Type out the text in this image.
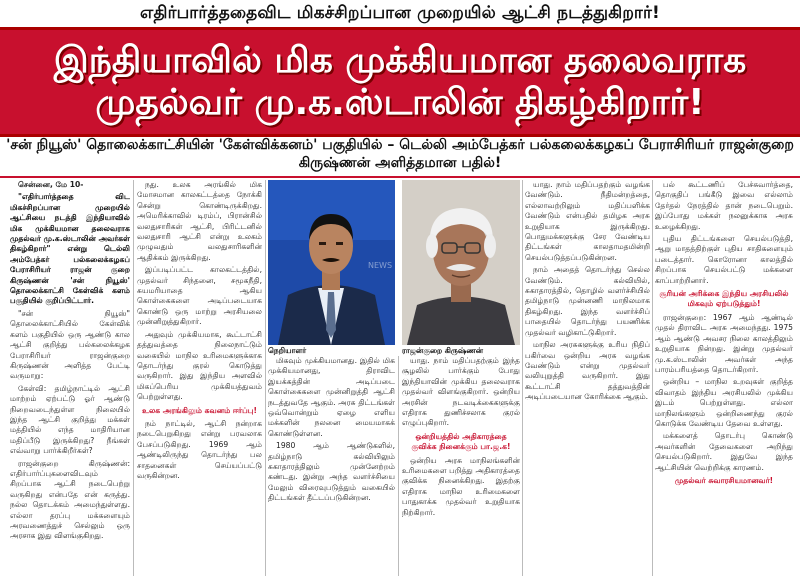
எதிர்பார்த்ததைவிட மிகச்சிறப்பான முறையில் ஆட்சி நடத்துகிறார்!
இந்தியாவில் மிக முக்கியமான தலைவராக முதல்வர் மு.க.ஸ்டாலின் திகழ்கிறார்!
'சன் நியூஸ்' தொலைக்காட்சியின் 'கேள்விக்கனம்' பகுதியில் – டெல்லி அம்பேத்கர் பல்கலைக்கழகப் பேராசிரியர் ராஜன்குறை கிருஷ்ணன் அளித்தமான பதில்!

சென்னை, மே 10-

"எதிர்பார்த்ததை விட மிகச்சிறப்பான முறையில் ஆட்சியை நடத்தி இந்தியாவில் மிக முக்கியமான தலைவராக முதல்வர் மு.க.ஸ்டாலின் அவர்கள் திகழ்கிறார்" என்று டெல்லி அம்பேத்கர் பல்கலைக்கழகப் பேராசிரியர் ராஜன் குறை கிருஷ்ணன் 'சன் நியூஸ்' தொலைக்காட்சி கேள்விக் களம் பகுதியில் குறிப்பிட்டார்.

"சன் நியூஸ்" தொலைக்காட்சியில் கேள்விக் களம் பகுதியில் ஒரு ஆண்டு கால ஆட்சி குறித்து பல்கலைக்கழக பேராசிரியர் ராஜன்குறை கிருஷ்ணன் அளித்த பேட்டி வருமாறு:

கேள்வி: தமிழ்நாட்டில் ஆட்சி மாற்றம் ஏற்பட்டு ஓர் ஆண்டு நிறைவடைந்துள்ள நிலையில் இந்த ஆட்சி குறித்து மக்கள் மத்தியில் எந்த மாதிரியான மதிப்பீடு இருக்கிறது? நீங்கள் எவ்வாறு பார்க்கிறீர்கள்?

ராஜன்குறை கிருஷ்ணன்: எதிர்பார்ப்புகளைவிடவும் சிறப்பாக ஆட்சி நடைபெற்று வருகிறது என்பதே என் கருத்து. நல்ல தொடக்கம் அமைந்துள்ளது. எல்லா தரப்பு மக்களையும் அரவணைத்துச் செல்லும் ஒரு அரசாக இது விளங்குகிறது.

நது. உலக அரங்கில் மிக மோசமான காலகட்டத்தை நோக்கி சென்று கொண்டிருக்கிறது. அமெரிக்காவில் டிரம்ப், பிரான்சில் வலதுசாரிகள் ஆட்சி, பிரிட்டனில் வலதுசாரி ஆட்சி என்று உலகம் முழுவதும் வலதுசாரிகளின் ஆதிக்கம் இருக்கிறது.

இப்படிப்பட்ட காலகட்டத்தில், முதல்வர் சிந்தனை, சமூகநீதி, சுயமரியாதை ஆகிய கொள்கைகளை அடிப்படையாக கொண்டு ஒரு மாற்று அரசியலை முன்னிறுத்துகிறார்.

அதுவும் முக்கியமாக, கூட்டாட்சி தத்துவத்தை நிலைநாட்டும் வகையில் மாநில உரிமைகளுக்காக தொடர்ந்து குரல் கொடுத்து வருகிறார். இது இந்திய அளவில் மிகப்பெரிய முக்கியத்துவம் பெற்றுள்ளது.

உலக அரங்கிலும் கவனம் ஈர்ப்பு!

நம் நாட்டில், ஆட்சி நன்றாக நடைபெறுகிறது என்று பரவலாக பேசப்படுகிறது. 1969 ஆம் ஆண்டிலிருந்து தொடர்ந்து பல சாதனைகள் செய்யப்பட்டு வருகின்றன.

NEWS
நெறியாளர்	ராஜன்குறை கிருஷ்ணன்

மிகவும் முக்கியமானது. இதில் மிக முக்கியமானது, திராவிட இயக்கத்தின் அடிப்படை கொள்கைகளை முன்னிறுத்தி ஆட்சி நடத்துவதே ஆகும். அரசு திட்டங்கள் ஒவ்வொன்றும் ஏழை எளிய மக்களின் நலனை மையமாகக் கொண்டுள்ளன.

1980 ஆம் ஆண்டுகளில், தமிழ்நாடு கல்வியிலும் சுகாதாரத்திலும் முன்னேற்றம் கண்டது. இன்று அந்த வளர்ச்சியை மேலும் விரைவுபடுத்தும் வகையில் திட்டங்கள் தீட்டப்படுகின்றன.

யாது. நாம் மதிப்பதற்கும் இந்த சூழலில் பார்க்கும் போது இந்தியாவின் முக்கிய தலைவராக முதல்வர் விளங்குகிறார். ஒன்றிய அரசின் நடவடிக்கைகளுக்கு எதிராக துணிச்சலாக குரல் எழுப்புகிறார்.

ஒன்றியத்தில் அதிகாரத்தை குவிக்க நினைக்கும் பா.ஜ.க!

ஒன்றிய அரசு மாநிலங்களின் உரிமைகளை பறித்து அதிகாரத்தை குவிக்க நினைக்கிறது. இதற்கு எதிராக மாநில உரிமைகளை பாதுகாக்க முதல்வர் உறுதியாக நிற்கிறார்.

யாது. நாம் மதிப்பதற்கும் வழங்க வேண்டும். நீதிமன்றத்தை, எல்லாவற்றிலும் மதிப்பளிக்க வேண்டும் என்பதில் தமிழக அரசு உறுதியாக இருக்கிறது. பொதுமக்களுக்கு சேர வேண்டிய திட்டங்கள் காலதாமதமின்றி செயல்படுத்தப்படுகின்றன.

நாம் அதைத் தொடர்ந்து செல்ல வேண்டும். கல்வியில், சுகாதாரத்தில், தொழில் வளர்ச்சியில் தமிழ்நாடு முன்னணி மாநிலமாக திகழ்கிறது. இந்த வளர்ச்சிப் பாதையில் தொடர்ந்து பயணிக்க முதல்வர் வழிகாட்டுகிறார்.

மாநில அரசுகளுக்கு உரிய நிதிப் பகிர்வை ஒன்றிய அரசு வழங்க வேண்டும் என்று முதல்வர் வலியுறுத்தி வருகிறார். இது கூட்டாட்சி தத்துவத்தின் அடிப்படையான கோரிக்கை ஆகும்.

பல் கூட்டணிப் பேச்சுவார்த்தை, தொகுதிப் பங்கீடு இவை எல்லாம் தேர்தல் நேரத்தில் தான் நடைபெறும். இப்போது மக்கள் நலனுக்காக அரசு உழைக்கிறது.

புதிய திட்டங்களை செயல்படுத்தி, ஆறு மாதத்திற்குள் புதிய சாதிகளையும் படைத்தார். கொரோனா காலத்தில் சிறப்பாக செயல்பட்டு மக்களை காப்பாற்றினார்.

சூரியன் அரிக்கை இந்திய அரசியலில் மிகவும் ஏற்படுத்தும்!

ராஜன்குறை: 1967 ஆம் ஆண்டில் முதல் திராவிட அரசு அமைந்தது. 1975 ஆம் ஆண்டு அவசர நிலை காலத்திலும் உறுதியாக நின்றது. இன்று முதல்வர் மு.க.ஸ்டாலின் அவர்கள் அந்த பாரம்பரியத்தை தொடர்கிறார்.

ஒன்றிய – மாநில உறவுகள் குறித்த விவாதம் இந்திய அரசியலில் முக்கிய இடம் பெற்றுள்ளது. எல்லா மாநிலங்களும் ஒன்றிணைந்து குரல் கொடுக்க வேண்டிய தேவை உள்ளது.

மக்களைத் தொடர்பு கொண்டு அவர்களின் தேவைகளை அறிந்து செயல்படுகிறார். இதுவே இந்த ஆட்சியின் வெற்றிக்கு காரணம்.

முதல்வர் சுவாரசியமானவர்!
